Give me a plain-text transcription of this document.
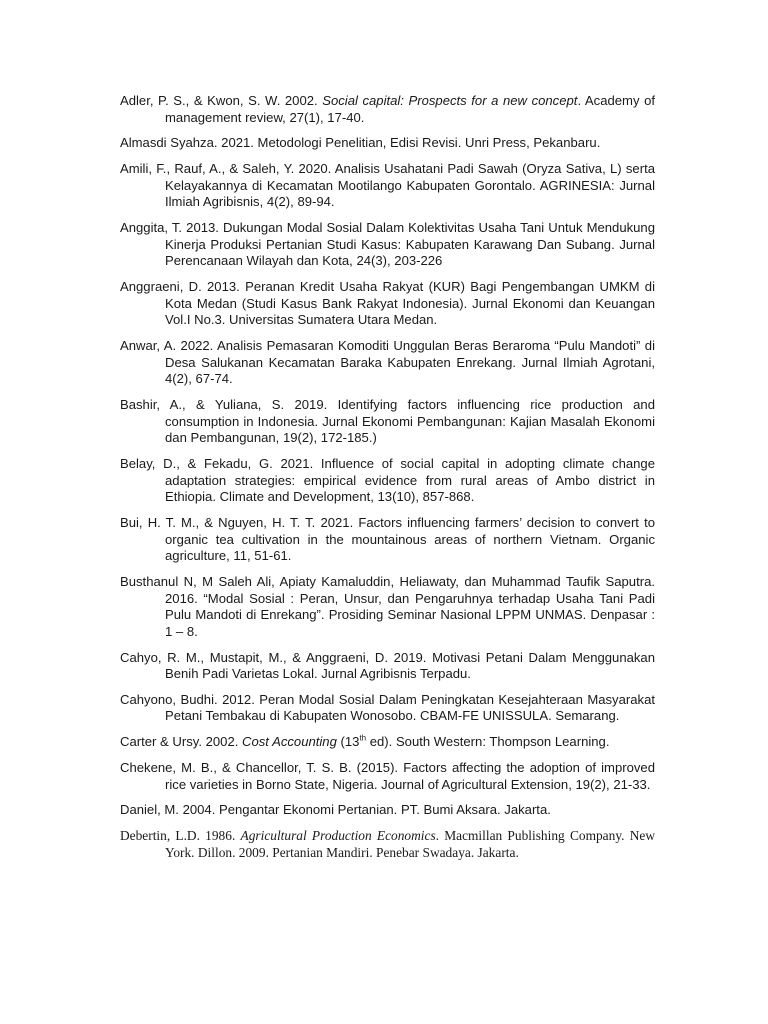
Adler, P. S., & Kwon, S. W. 2002. Social capital: Prospects for a new concept. Academy of management review, 27(1), 17-40.

Almasdi Syahza. 2021. Metodologi Penelitian, Edisi Revisi. Unri Press, Pekanbaru.

Amili, F., Rauf, A., & Saleh, Y. 2020. Analisis Usahatani Padi Sawah (Oryza Sativa, L) serta Kelayakannya di Kecamatan Mootilango Kabupaten Gorontalo. AGRINESIA: Jurnal Ilmiah Agribisnis, 4(2), 89-94.

Anggita, T. 2013. Dukungan Modal Sosial Dalam Kolektivitas Usaha Tani Untuk Mendukung Kinerja Produksi Pertanian Studi Kasus: Kabupaten Karawang Dan Subang. Jurnal Perencanaan Wilayah dan Kota, 24(3), 203-226

Anggraeni, D. 2013. Peranan Kredit Usaha Rakyat (KUR) Bagi Pengembangan UMKM di Kota Medan (Studi Kasus Bank Rakyat Indonesia). Jurnal Ekonomi dan Keuangan Vol.I No.3. Universitas Sumatera Utara Medan.

Anwar, A. 2022. Analisis Pemasaran Komoditi Unggulan Beras Beraroma “Pulu Mandoti” di Desa Salukanan Kecamatan Baraka Kabupaten Enrekang. Jurnal Ilmiah Agrotani, 4(2), 67-74.

Bashir, A., & Yuliana, S. 2019. Identifying factors influencing rice production and consumption in Indonesia. Jurnal Ekonomi Pembangunan: Kajian Masalah Ekonomi dan Pembangunan, 19(2), 172-185.)

Belay, D., & Fekadu, G. 2021. Influence of social capital in adopting climate change adaptation strategies: empirical evidence from rural areas of Ambo district in Ethiopia. Climate and Development, 13(10), 857-868.

Bui, H. T. M., & Nguyen, H. T. T. 2021. Factors influencing farmers’ decision to convert to organic tea cultivation in the mountainous areas of northern Vietnam. Organic agriculture, 11, 51-61.

Busthanul N, M Saleh Ali, Apiaty Kamaluddin, Heliawaty, dan Muhammad Taufik Saputra. 2016. “Modal Sosial : Peran, Unsur, dan Pengaruhnya terhadap Usaha Tani Padi Pulu Mandoti di Enrekang”. Prosiding Seminar Nasional LPPM UNMAS. Denpasar : 1 – 8.

Cahyo, R. M., Mustapit, M., & Anggraeni, D. 2019. Motivasi Petani Dalam Menggunakan Benih Padi Varietas Lokal. Jurnal Agribisnis Terpadu.

Cahyono, Budhi. 2012. Peran Modal Sosial Dalam Peningkatan Kesejahteraan Masyarakat Petani Tembakau di Kabupaten Wonosobo. CBAM-FE UNISSULA. Semarang.

Carter & Ursy. 2002. Cost Accounting (13th ed). South Western: Thompson Learning.

Chekene, M. B., & Chancellor, T. S. B. (2015). Factors affecting the adoption of improved rice varieties in Borno State, Nigeria. Journal of Agricultural Extension, 19(2), 21-33.

Daniel, M. 2004. Pengantar Ekonomi Pertanian. PT. Bumi Aksara. Jakarta.

Debertin, L.D. 1986. Agricultural Production Economics. Macmillan Publishing Company. New York. Dillon. 2009. Pertanian Mandiri. Penebar Swadaya. Jakarta.
